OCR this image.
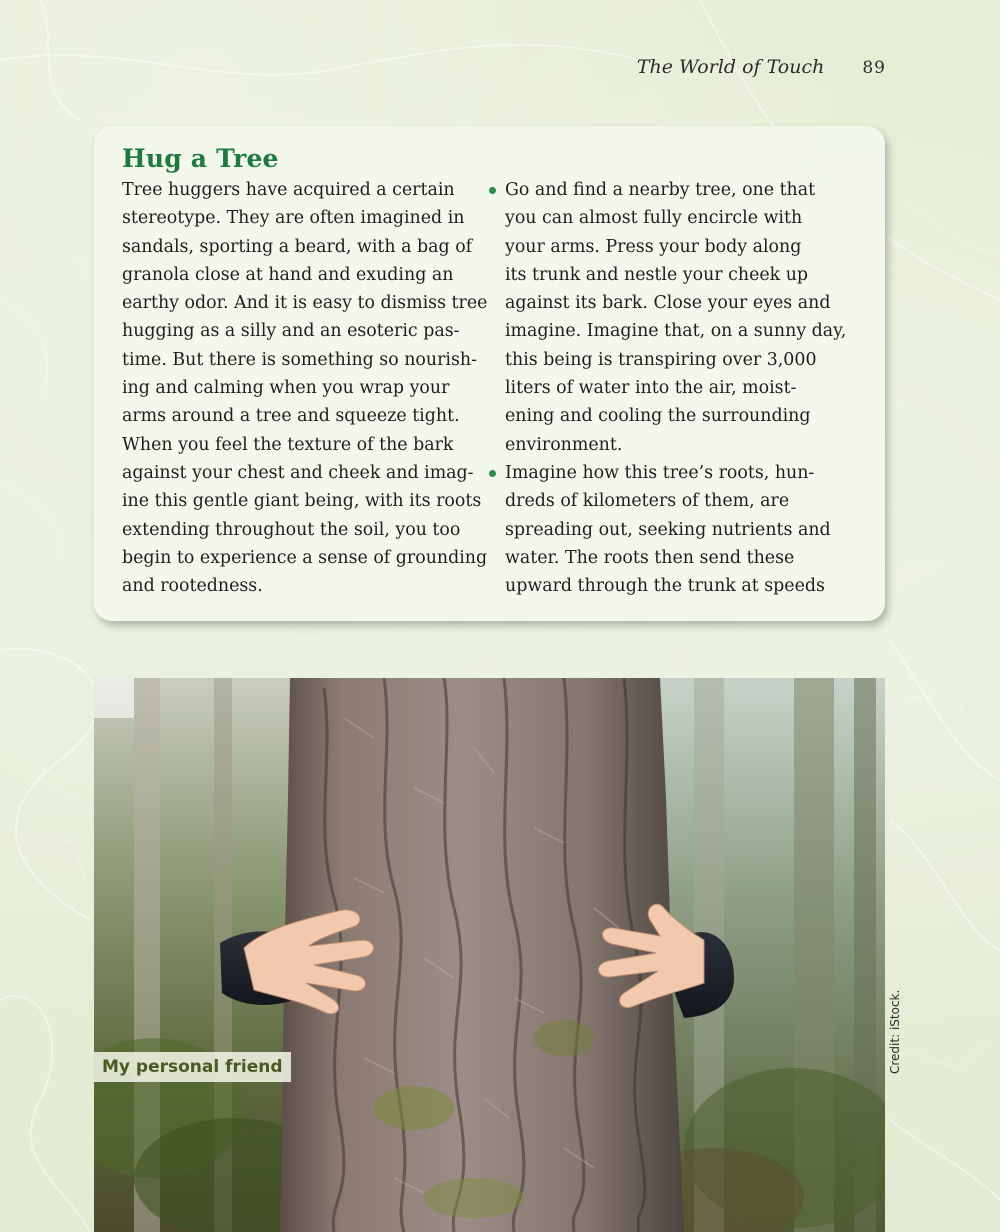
The World of Touch 89
Hug a Tree
Tree huggers have acquired a certain
stereotype. They are often imagined in
sandals, sporting a beard, with a bag of
granola close at hand and exuding an
earthy odor. And it is easy to dismiss tree
hugging as a silly and an esoteric pas-
time. But there is something so nourish-
ing and calming when you wrap your
arms around a tree and squeeze tight.
When you feel the texture of the bark
against your chest and cheek and imag-
ine this gentle giant being, with its roots
extending throughout the soil, you too
begin to experience a sense of grounding
and rootedness.
Go and find a nearby tree, one that
you can almost fully encircle with
your arms. Press your body along
its trunk and nestle your cheek up
against its bark. Close your eyes and
imagine. Imagine that, on a sunny day,
this being is transpiring over 3,000
liters of water into the air, moist-
ening and cooling the surrounding
environment.
Imagine how this tree’s roots, hun-
dreds of kilometers of them, are
spreading out, seeking nutrients and
water. The roots then send these
upward through the trunk at speeds
My personal friend	Credit: iStock.
